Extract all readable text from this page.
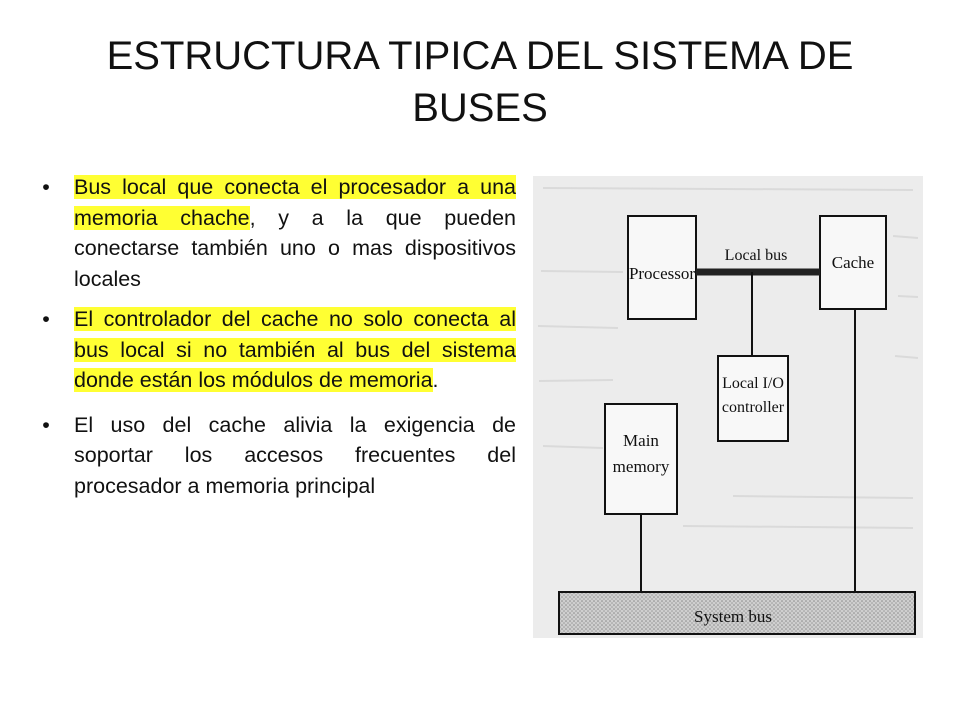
ESTRUCTURA TIPICA DEL SISTEMA DE
BUSES
• Bus local que conecta el procesador a una memoria chache, y a la que pueden conectarse también uno o mas dispositivos locales
• El controlador del cache no solo conecta al bus local si no también al bus del sistema donde están los módulos de memoria.
• El uso del cache alivia la exigencia de soportar los accesos frecuentes del procesador a memoria principal
Processor
Cache
Local bus
Local I/O
controller
Main
memory
System bus
